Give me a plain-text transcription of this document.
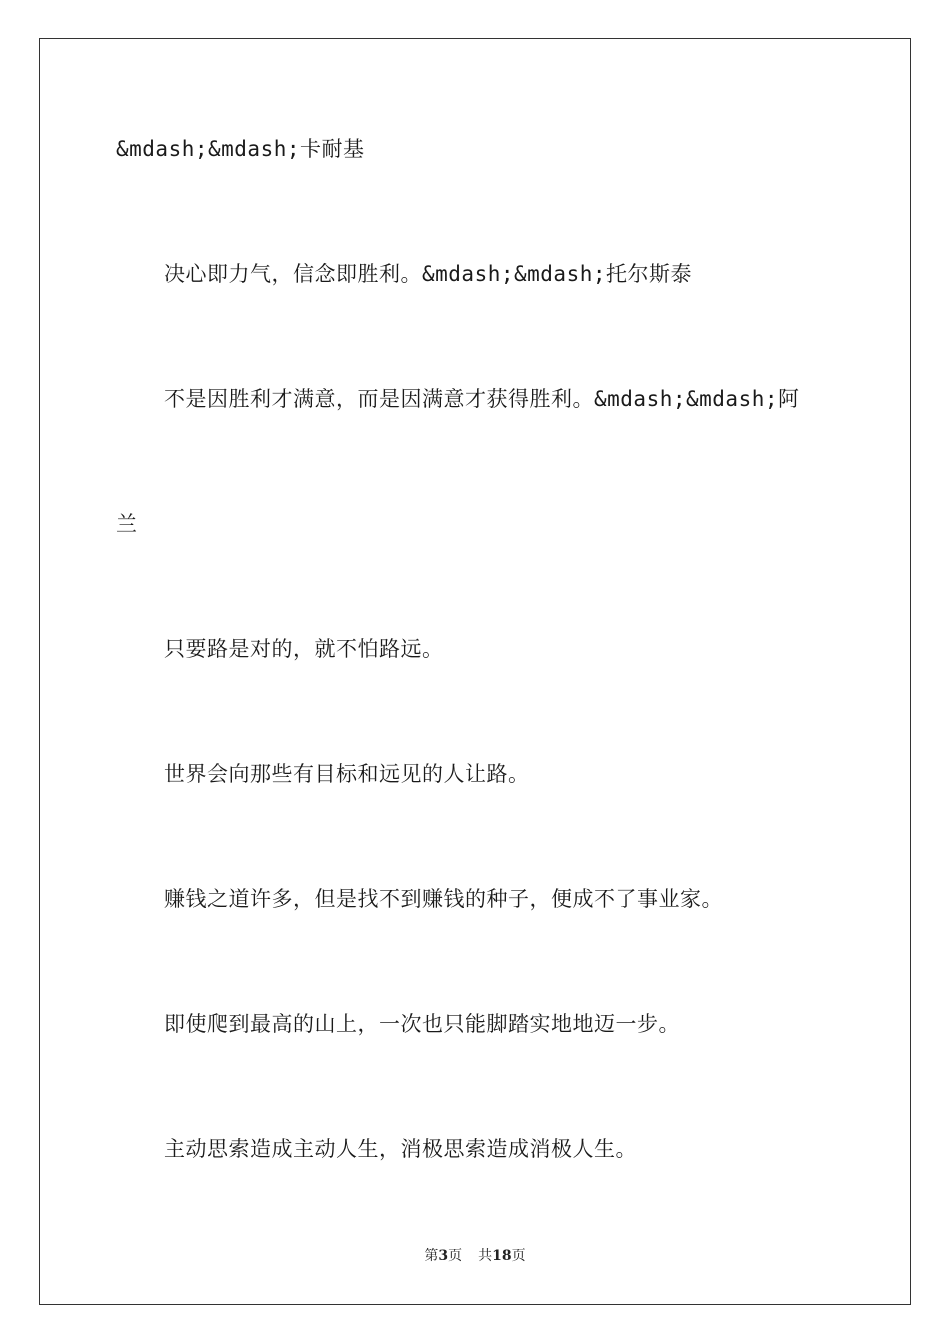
&mdash;&mdash;卡耐基
决心即力气，信念即胜利。&mdash;&mdash;托尔斯泰
不是因胜利才满意，而是因满意才获得胜利。&mdash;&mdash;阿
兰
只要路是对的，就不怕路远。
世界会向那些有目标和远见的人让路。
赚钱之道许多，但是找不到赚钱的种子，便成不了事业家。
即使爬到最高的山上，一次也只能脚踏实地地迈一步。
主动思索造成主动人生，消极思索造成消极人生。
第3页 共18页
